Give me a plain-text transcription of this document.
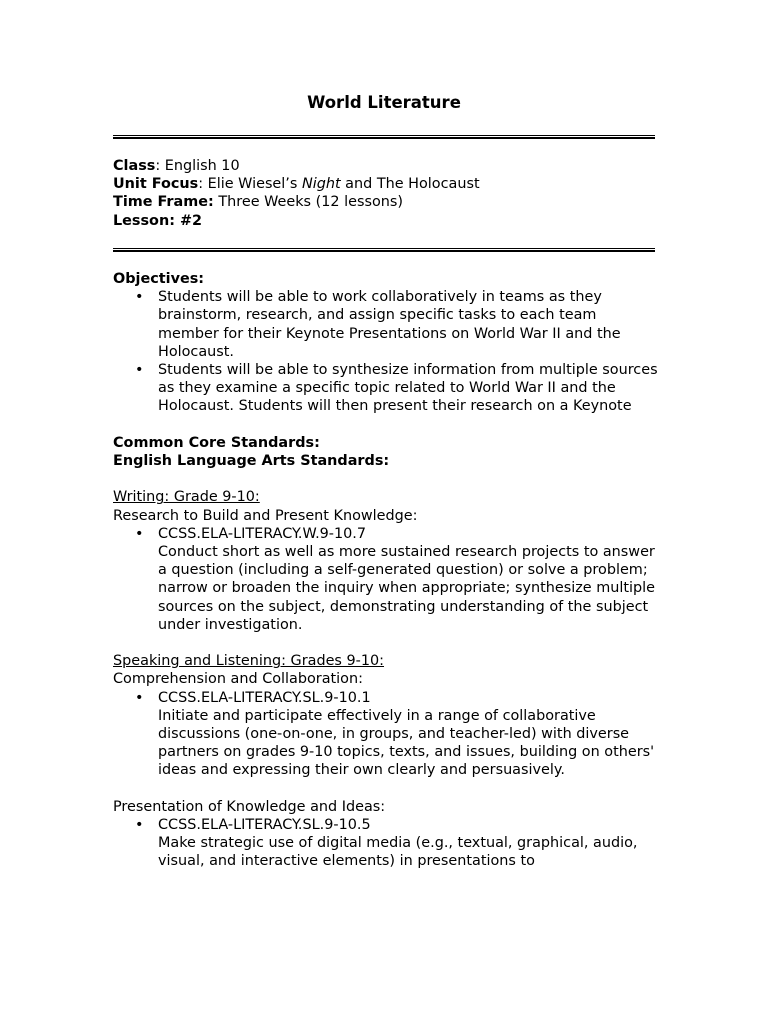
World Literature
Class: English 10
Unit Focus: Elie Wiesel’s Night and The Holocaust
Time Frame: Three Weeks (12 lessons)
Lesson: #2
Objectives:
• Students will be able to work collaboratively in teams as they brainstorm, research, and assign specific tasks to each team member for their Keynote Presentations on World War II and the Holocaust.
• Students will be able to synthesize information from multiple sources as they examine a specific topic related to World War II and the Holocaust. Students will then present their research on a Keynote
Common Core Standards:
English Language Arts Standards:
Writing: Grade 9-10:
Research to Build and Present Knowledge:
• CCSS.ELA-LITERACY.W.9-10.7
Conduct short as well as more sustained research projects to answer a question (including a self-generated question) or solve a problem; narrow or broaden the inquiry when appropriate; synthesize multiple sources on the subject, demonstrating understanding of the subject under investigation.
Speaking and Listening: Grades 9-10:
Comprehension and Collaboration:
• CCSS.ELA-LITERACY.SL.9-10.1
Initiate and participate effectively in a range of collaborative discussions (one-on-one, in groups, and teacher-led) with diverse partners on grades 9-10 topics, texts, and issues, building on others' ideas and expressing their own clearly and persuasively.
Presentation of Knowledge and Ideas:
• CCSS.ELA-LITERACY.SL.9-10.5
Make strategic use of digital media (e.g., textual, graphical, audio, visual, and interactive elements) in presentations to
